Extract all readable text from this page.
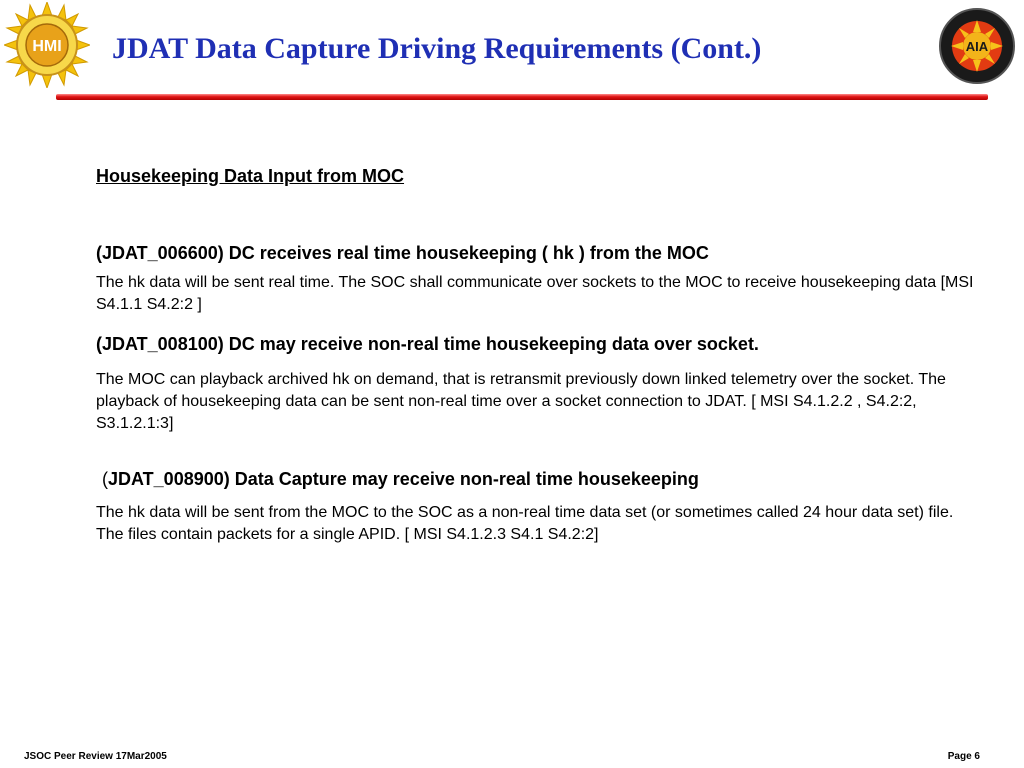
HMI JDAT Data Capture Driving Requirements (Cont.)	AIA

Housekeeping Data Input from MOC

(JDAT_006600) DC receives real time housekeeping ( hk ) from the MOC

The hk data will be sent real time. The SOC shall communicate over sockets to the MOC to receive housekeeping data [MSI S4.1.1 S4.2:2 ]

(JDAT_008100) DC may receive non-real time housekeeping data over socket.

The MOC can playback archived hk on demand, that is retransmit previously down linked telemetry over the socket. The playback of housekeeping data can be sent non-real time over a socket connection to JDAT. [ MSI S4.1.2.2 , S4.2:2, S3.1.2.1:3]

(JDAT_008900) Data Capture may receive non-real time housekeeping

The hk data will be sent from the MOC to the SOC as a non-real time data set (or sometimes called 24 hour data set) file. The files contain packets for a single APID. [ MSI S4.1.2.3 S4.1 S4.2:2]

JSOC Peer Review 17Mar2005	Page 6
